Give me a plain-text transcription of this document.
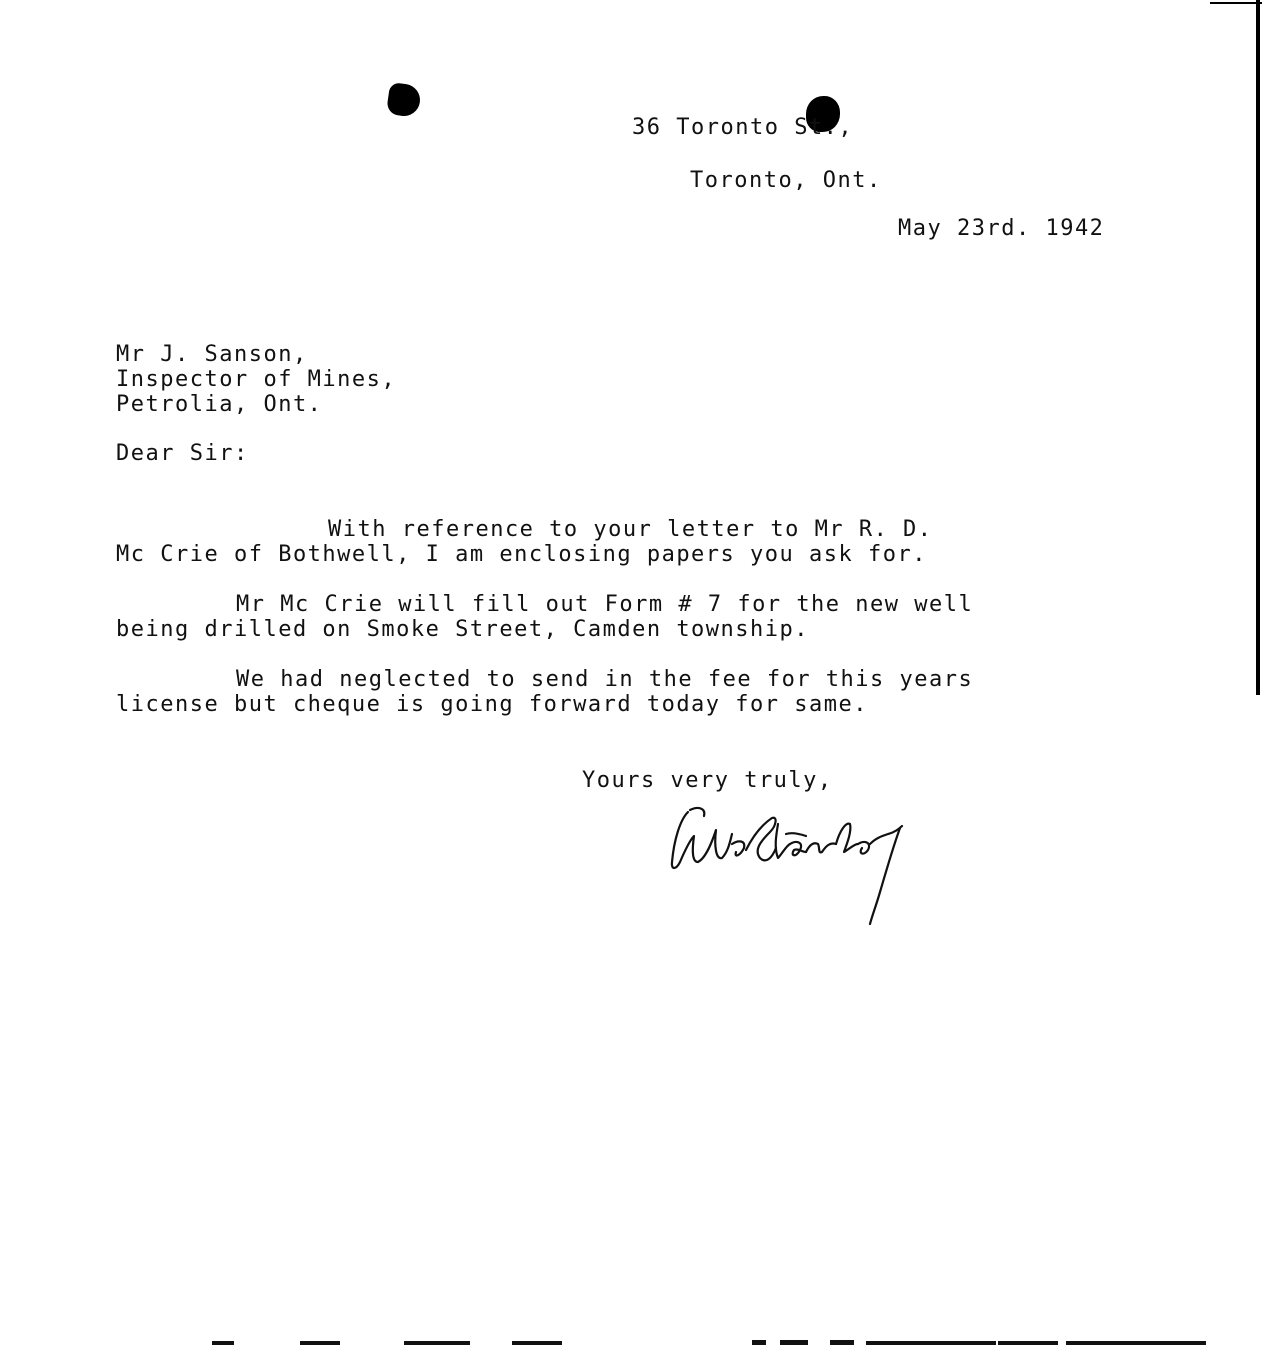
36 Toronto St.,
Toronto, Ont.
May 23rd. 1942
Mr J. Sanson,
Inspector of Mines,
Petrolia, Ont.
Dear Sir:
With reference to your letter to Mr R. D.
Mc Crie of Bothwell, I am enclosing papers you ask for.
Mr Mc Crie will fill out Form # 7 for the new well
being drilled on Smoke Street, Camden township.
We had neglected to send in the fee for this years
license but cheque is going forward today for same.
Yours very truly,
